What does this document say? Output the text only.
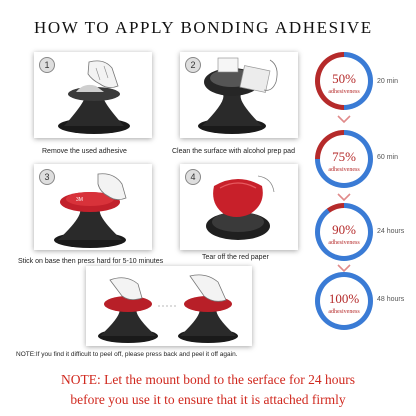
HOW TO APPLY BONDING ADHESIVE
1
Remove the used adhesive
2
Clean the surface with alcohol prep pad
3M
3
Stick on base then press hard for 5-10 minutes
4
Tear off the red paper
NOTE:If you find it difficult to peel off, please press back and peel it off again.
50%
adhesiveness
20 min
75%
adhesiveness
60 min
90%
adhesiveness
24 hours
100%
adhesiveness
48 hours
NOTE: Let the mount bond to the serface for 24 hours
before you use it to ensure that it is attached firmly
